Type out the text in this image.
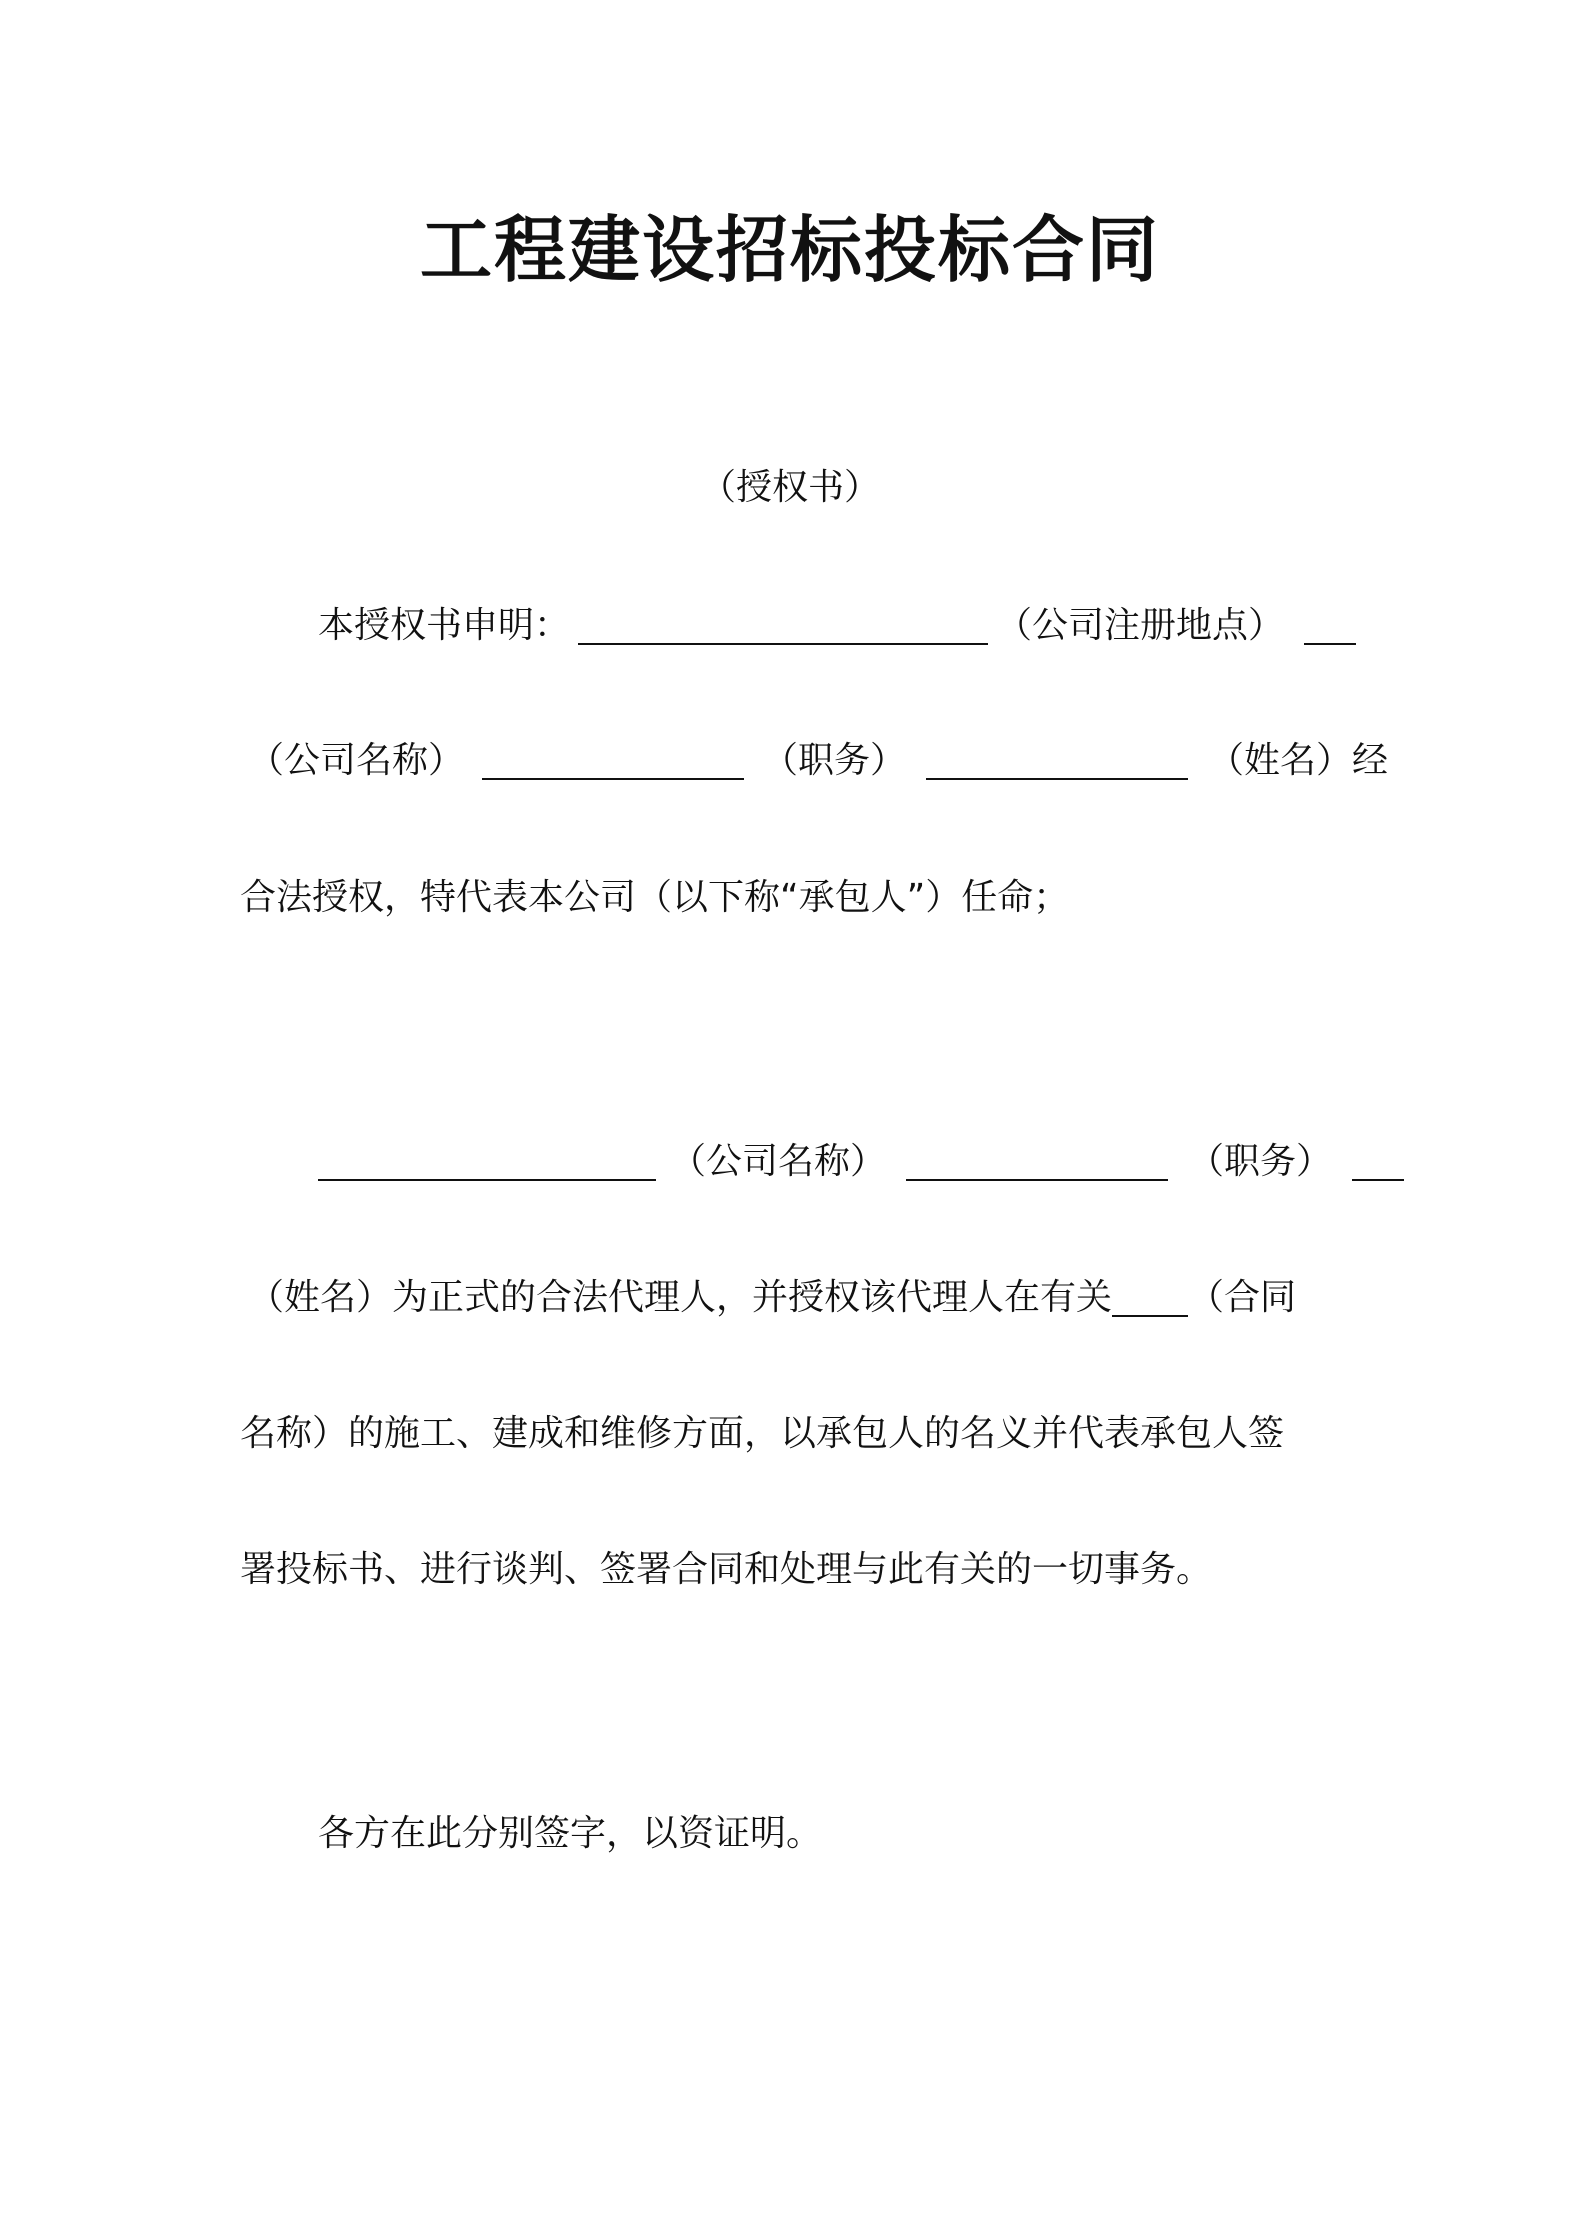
工程建设招标投标合同
（授权书）
本授权书申明：	（公司注册地点）
（公司名称）	（职务）	（姓名）经
合法授权，特代表本公司（以下称“承包人”）任命；
（公司名称）	（职务）
（姓名）为正式的合法代理人，并授权该代理人在有关 （合同
名称）的施工、建成和维修方面，以承包人的名义并代表承包人签
署投标书、进行谈判、签署合同和处理与此有关的一切事务。
各方在此分别签字，以资证明。
